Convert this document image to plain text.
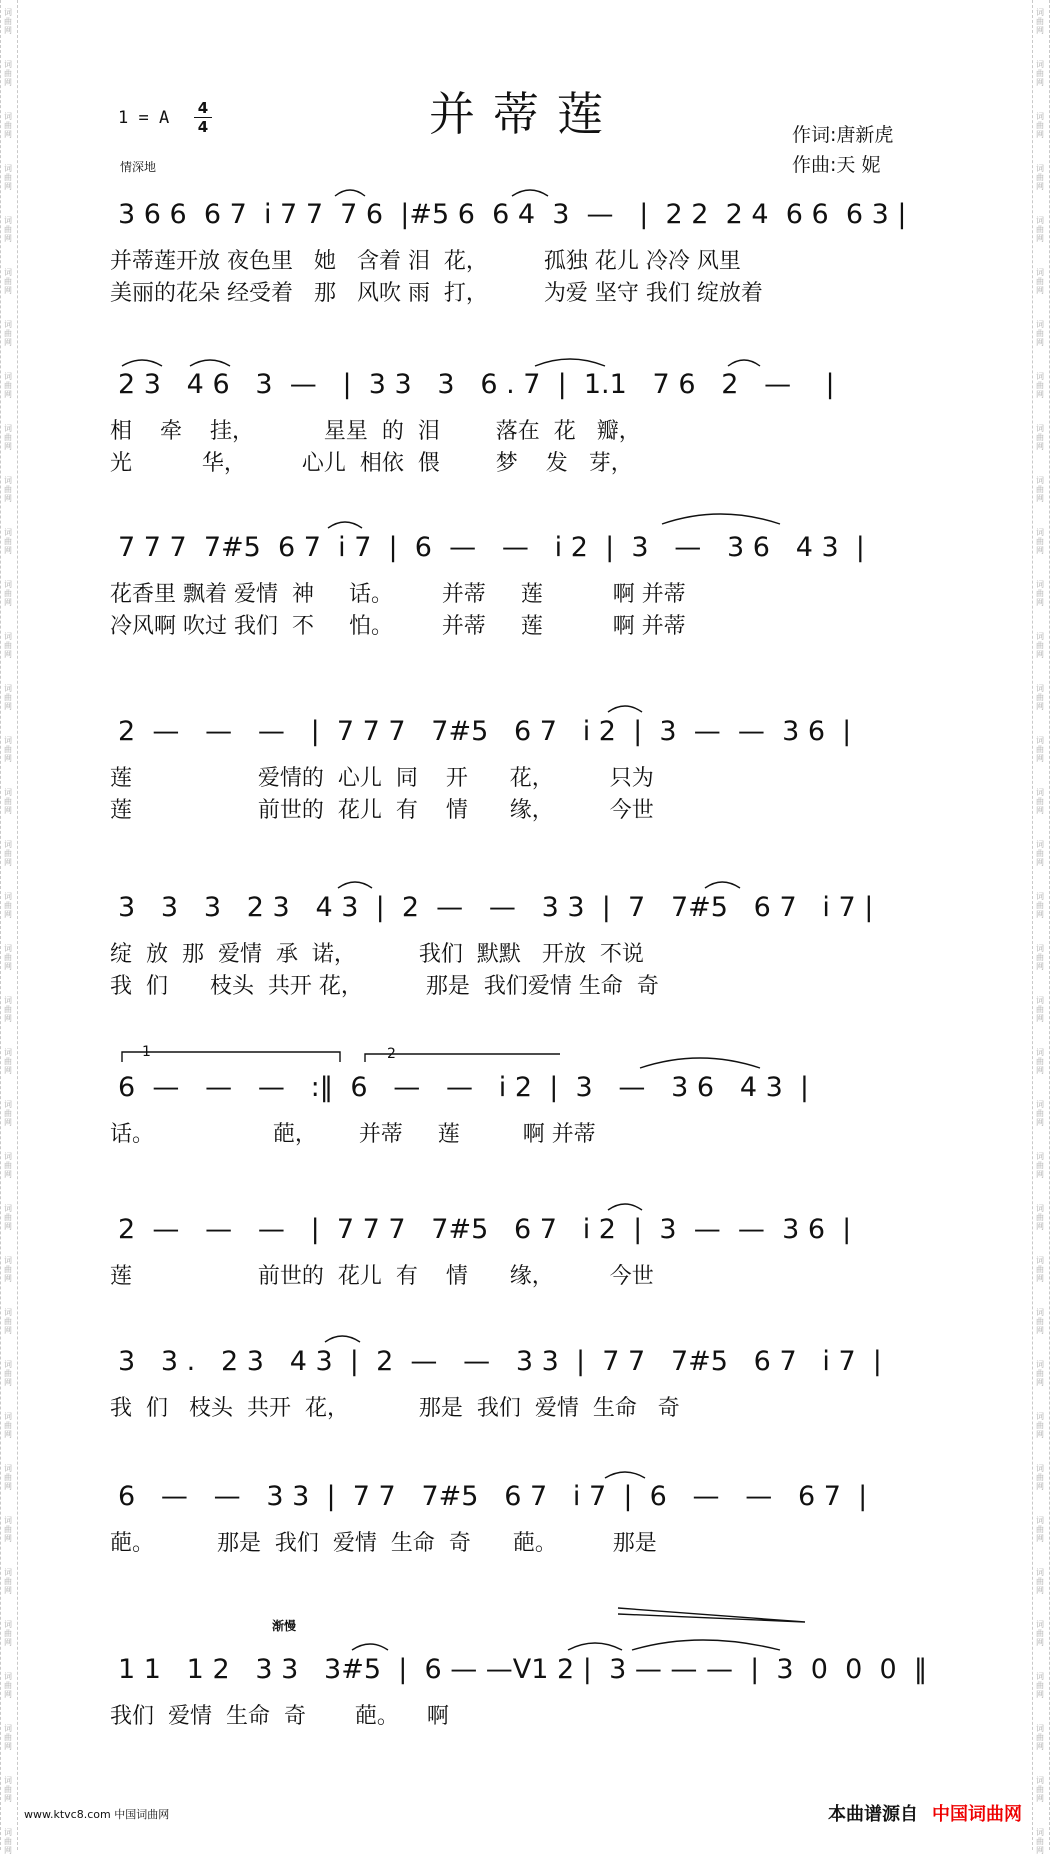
词
曲
网
词
曲
网
词
曲
网
词
曲
网
词
曲
网
词
曲
网
词
曲
网
词
曲
网
词
曲
网
词
曲
网
词
曲
网
词
曲
网
词
曲
网
词
曲
网
词
曲
网
词
曲
网
词
曲
网
词
曲
网
词
曲
网
词
曲
网
词
曲
网
词
曲
网
词
曲
网
词
曲
网
词
曲
网
词
曲
网
词
曲
网
词
曲
网
词
曲
网
词
曲
网
词
曲
网
词
曲
网
词
曲
网
词
曲
网
词
曲
网
词
曲
网
词
曲
网
词
曲
网
词
曲
网
词
曲
网
词
曲
网
词
曲
网
词
曲
网
词
曲
网
词
曲
网
词
曲
网
词
曲
网
词
曲
网
词
曲
网
词
曲
网
词
曲
网
词
曲
网
词
曲
网
词
曲
网
词
曲
网
词
曲
网
词
曲
网
词
曲
网
词
曲
网
词
曲
网
词
曲
网
词
曲
网
词
曲
网
词
曲
网
词
曲
网
词
曲
网
词
曲
网
词
曲
网
词
曲
网
词
曲
网
词
曲
网
词
曲
网
并蒂莲
1 = A $\frac{4}{4}$	作词:唐新虎
作曲:天 妮
情深地
渐慢
3 6 6  6 7  i 7 7  7 6  |#5 6  6 4  3  —   |  2 2  2 4  6 6  6 3 |
并蒂莲开放 夜色里   她   含着 泪  花，        孤独 花儿 冷冷 风里
美丽的花朵 经受着   那   风吹 雨  打，        为爱 坚守 我们 绽放着
2 3   4 6   3  —   |  3 3   3   6 . 7  |  1.1   7 6   2   —    |
相    牵    挂，          星星  的  泪        落在  花   瓣，
光          华，        心儿  相依  偎        梦    发   芽，
7 7 7  7#5  6 7  i 7  |  6  —   —   i 2  |  3   —   3 6   4 3  |
花香里 飘着 爱情  神     话。       并蒂     莲          啊 并蒂
冷风啊 吹过 我们  不     怕。       并蒂     莲          啊 并蒂
2  —   —   —   |  7 7 7   7#5   6 7   i 2  |  3  —  —  3 6  |
莲                  爱情的  心儿  同    开      花，        只为
莲                  前世的  花儿  有    情      缘，        今世
3   3   3   2 3   4 3  |  2  —   —   3 3  |  7   7#5   6 7   i 7 |
绽  放  那  爱情  承  诺，         我们  默默   开放  不说
我  们      枝头  共开 花，         那是  我们爱情 生命  奇
6  —   —   —   :‖  6   —   —   i 2  |  3   —   3 6   4 3  |
话。                 葩，      并蒂     莲         啊 并蒂
1	2
2  —   —   —   |  7 7 7   7#5   6 7   i 2  |  3  —  —  3 6  |
莲                  前世的  花儿  有    情      缘，        今世
3   3 .   2 3   4 3  |  2  —   —   3 3  |  7 7   7#5   6 7   i 7  |
我  们   枝头  共开  花，          那是  我们  爱情  生命   奇
6   —   —   3 3  |  7 7   7#5   6 7   i 7  |  6   —   —   6 7  |
葩。         那是  我们  爱情  生命  奇      葩。        那是
1 1   1 2   3 3   3#5  |  6 — —V1 2 |  3 — — —  |  3  0  0  0  ‖
我们  爱情  生命  奇       葩。    啊
www.ktvc8.com 中国词曲网	本曲谱源自 中国词曲网
